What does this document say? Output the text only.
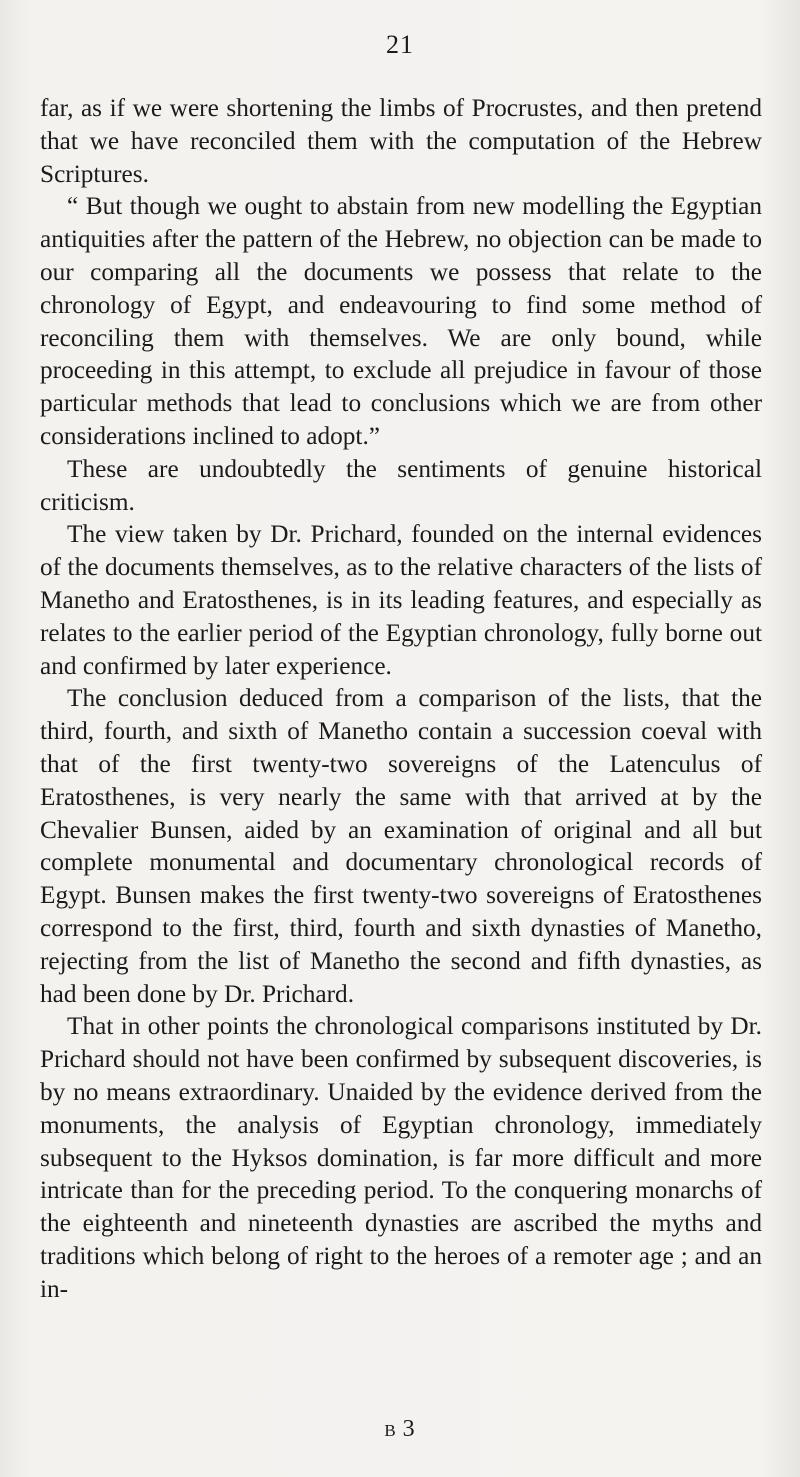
21

far, as if we were shortening the limbs of Procrustes, and then pretend that we have reconciled them with the computation of the Hebrew Scriptures.

“ But though we ought to abstain from new modelling the Egyptian antiquities after the pattern of the Hebrew, no objection can be made to our comparing all the documents we possess that relate to the chronology of Egypt, and endeavouring to find some method of reconciling them with themselves. We are only bound, while proceeding in this attempt, to exclude all prejudice in favour of those particular methods that lead to conclusions which we are from other considerations inclined to adopt.”

These are undoubtedly the sentiments of genuine historical criticism.

The view taken by Dr. Prichard, founded on the internal evidences of the documents themselves, as to the relative characters of the lists of Manetho and Eratosthenes, is in its leading features, and especially as relates to the earlier period of the Egyptian chronology, fully borne out and confirmed by later experience.

The conclusion deduced from a comparison of the lists, that the third, fourth, and sixth of Manetho contain a succession coeval with that of the first twenty-two sovereigns of the Latenculus of Eratosthenes, is very nearly the same with that arrived at by the Chevalier Bunsen, aided by an examination of original and all but complete monumental and documentary chronological records of Egypt. Bunsen makes the first twenty-two sovereigns of Eratosthenes correspond to the first, third, fourth and sixth dynasties of Manetho, rejecting from the list of Manetho the second and fifth dynasties, as had been done by Dr. Prichard.

That in other points the chronological comparisons instituted by Dr. Prichard should not have been confirmed by subsequent discoveries, is by no means extraordinary. Unaided by the evidence derived from the monuments, the analysis of Egyptian chronology, immediately subsequent to the Hyksos domination, is far more difficult and more intricate than for the preceding period. To the conquering monarchs of the eighteenth and nineteenth dynasties are ascribed the myths and traditions which belong of right to the heroes of a remoter age ; and an in-

B 3
